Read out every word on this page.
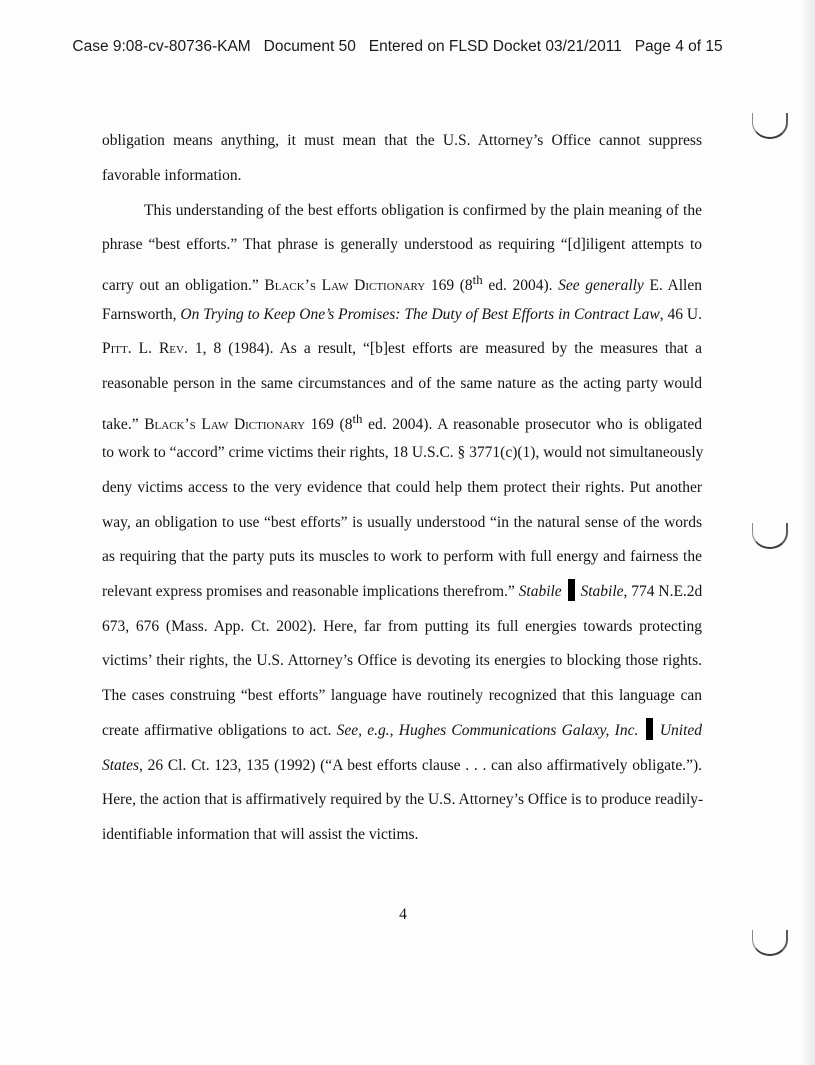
Case 9:08-cv-80736-KAM   Document 50   Entered on FLSD Docket 03/21/2011   Page 4 of 15
obligation means anything, it must mean that the U.S. Attorney’s Office cannot suppress
favorable information.
This understanding of the best efforts obligation is confirmed by the plain meaning of the
phrase “best efforts.” That phrase is generally understood as requiring “[d]iligent attempts to
carry out an obligation.” Black’s Law Dictionary 169 (8th ed. 2004). See generally E. Allen
Farnsworth, On Trying to Keep One’s Promises: The Duty of Best Efforts in Contract Law, 46 U.
Pitt. L. Rev. 1, 8 (1984). As a result, “[b]est efforts are measured by the measures that a
reasonable person in the same circumstances and of the same nature as the acting party would
take.” Black’s Law Dictionary 169 (8th ed. 2004). A reasonable prosecutor who is obligated
to work to “accord” crime victims their rights, 18 U.S.C. § 3771(c)(1), would not simultaneously
deny victims access to the very evidence that could help them protect their rights. Put another
way, an obligation to use “best efforts” is usually understood “in the natural sense of the words
as requiring that the party puts its muscles to work to perform with full energy and fairness the
relevant express promises and reasonable implications therefrom.” Stabile Stabile, 774 N.E.2d
673, 676 (Mass. App. Ct. 2002). Here, far from putting its full energies towards protecting
victims’ their rights, the U.S. Attorney’s Office is devoting its energies to blocking those rights.
The cases construing “best efforts” language have routinely recognized that this language can
create affirmative obligations to act. See, e.g., Hughes Communications Galaxy, Inc. United
States, 26 Cl. Ct. 123, 135 (1992) (“A best efforts clause . . . can also affirmatively obligate.”).
Here, the action that is affirmatively required by the U.S. Attorney’s Office is to produce readily-
identifiable information that will assist the victims.
4
